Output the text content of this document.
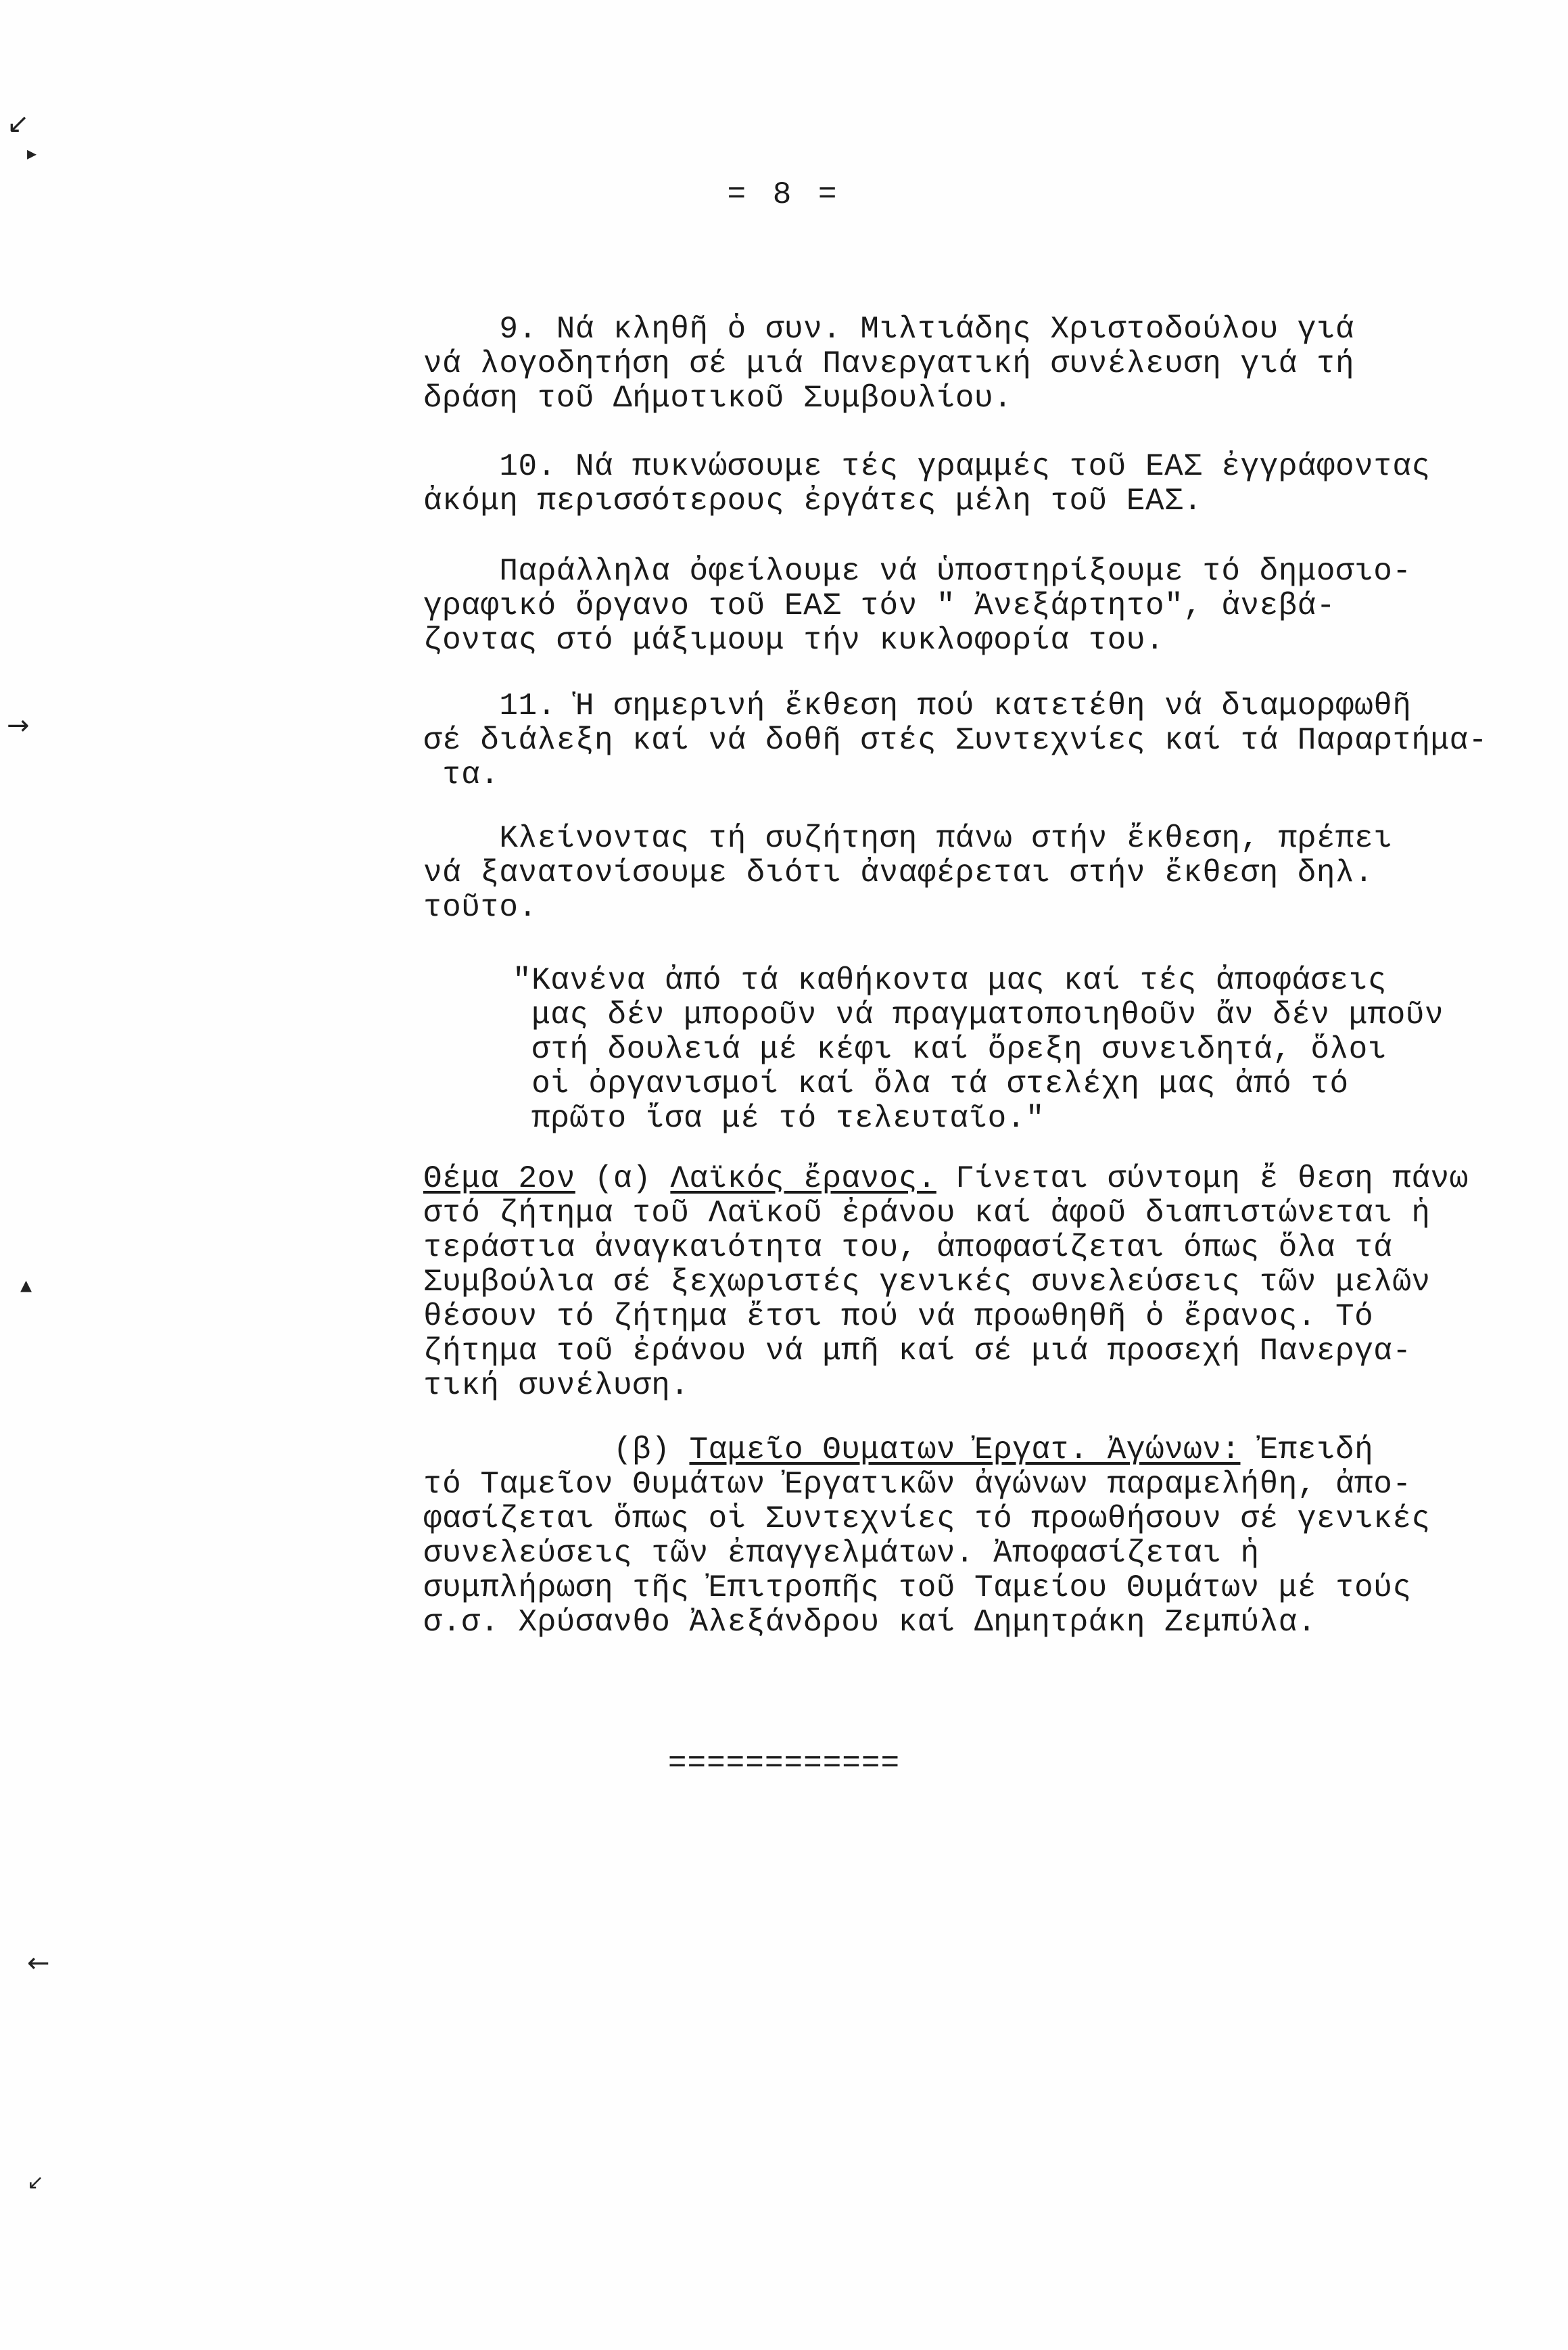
= 8 =
9. Νά κληθῆ ὁ συν. Μιλτιάδης Χριστοδούλου γιά
νά λογοδητήση σέ μιά Πανεργατική συνέλευση γιά τή
δράση τοῦ Δήμοτικοῦ Συμβουλίου.
10. Νά πυκνώσουμε τές γραμμές τοῦ ΕΑΣ ἐγγράφοντας
ἀκόμη περισσότερους ἐργάτες μέλη τοῦ ΕΑΣ.
Παράλληλα ὀφείλουμε νά ὑποστηρίξουμε τό δημοσιο-
γραφικό ὄργανο τοῦ ΕΑΣ τόν " Ἀνεξάρτητο", ἀνεβά-
ζοντας στό μάξιμουμ τήν κυκλοφορία του.
11. Ἡ σημερινή ἔκθεση πού κατετέθη νά διαμορφωθῆ
σέ διάλεξη καί νά δοθῆ στές Συντεχνίες καί τά Παραρτήμα-
τα.
Κλείνοντας τή συζήτηση πάνω στήν ἔκθεση, πρέπει
νά ξανατονίσουμε διότι ἀναφέρεται στήν ἔκθεση δηλ.
τοῦτο.
"Κανένα ἀπό τά καθήκοντα μας καί τές ἀποφάσεις
μας δέν μποροῦν νά πραγματοποιηθοῦν ἄν δέν μποῦν
στή δουλειά μέ κέφι καί ὄρεξη συνειδητά, ὅλοι
οἱ ὀργανισμοί καί ὅλα τά στελέχη μας ἀπό τό
πρῶτο ἴσα μέ τό τελευταῖο."
Θέμα 2ον (α) Λαϊκός ἔρανος. Γίνεται σύντομη ἔ θεση πάνω
στό ζήτημα τοῦ Λαϊκοῦ ἐράνου καί ἀφοῦ διαπιστώνεται ἡ
τεράστια ἀναγκαιότητα του, ἀποφασίζεται όπως ὅλα τά
Συμβούλια σέ ξεχωριστές γενικές συνελεύσεις τῶν μελῶν
θέσουν τό ζήτημα ἔτσι πού νά προωθηθῆ ὁ ἔρανος. Τό
ζήτημα τοῦ ἐράνου νά μπῆ καί σέ μιά προσεχή Πανεργα-
τική συνέλυση.
(β) Ταμεῖο Θυματων Ἐργατ. Ἀγώνων: Ἐπειδή
τό Ταμεῖον Θυμάτων Ἐργατικῶν ἀγώνων παραμελήθη, ἀπο-
φασίζεται ὅπως οἱ Συντεχνίες τό προωθήσουν σέ γενικές
συνελεύσεις τῶν ἐπαγγελμάτων. Ἀποφασίζεται ἡ
συμπλήρωση τῆς Ἐπιτροπῆς τοῦ Ταμείου Θυμάτων μέ τούς
σ.σ. Χρύσανθο Ἀλεξάνδρου καί Δημητράκη Ζεμπύλα.
============
↙
▸
→
▴
←
↙
